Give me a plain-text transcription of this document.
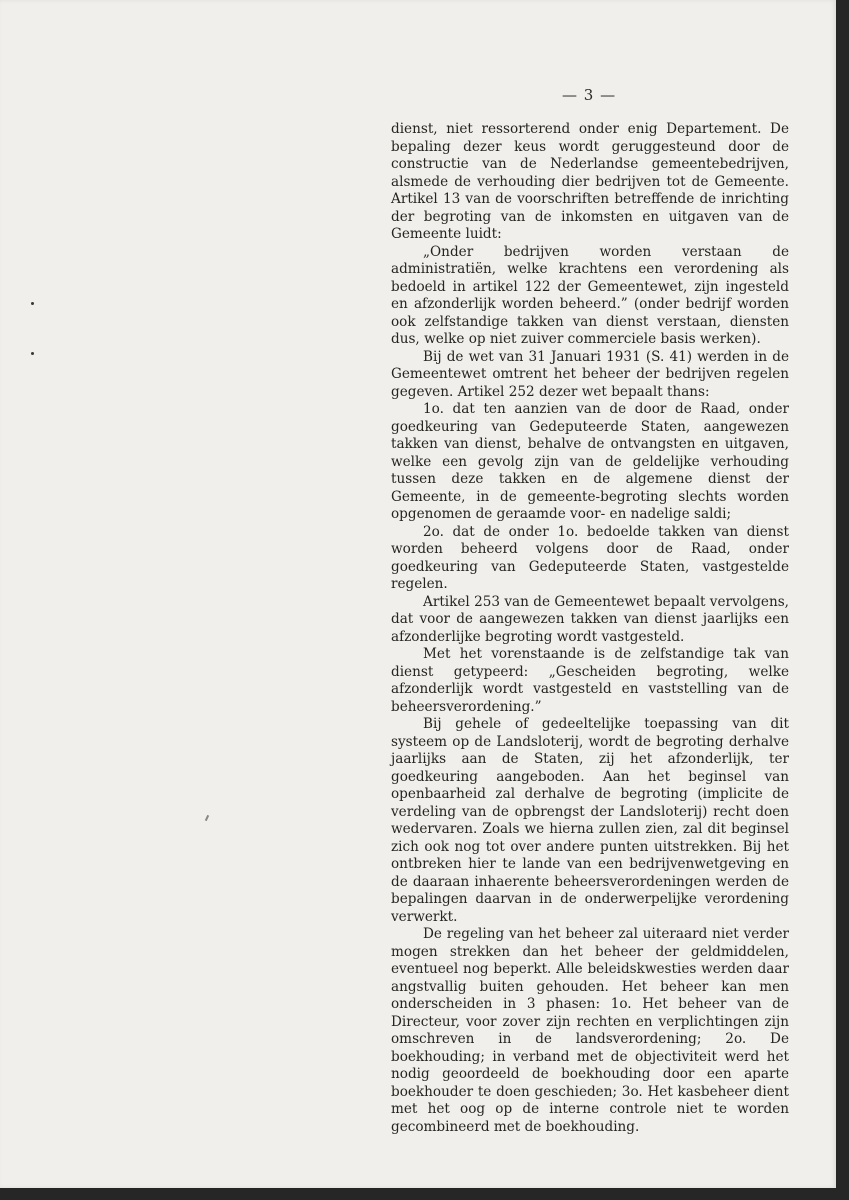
— 3 —

dienst, niet ressorterend onder enig Departement. De bepaling dezer keus wordt geruggesteund door de constructie van de Nederlandse gemeentebedrijven, alsmede de verhouding dier bedrijven tot de Gemeente. Artikel 13 van de voorschriften betreffende de inrichting der begroting van de inkomsten en uitgaven van de Gemeente luidt:

„Onder bedrijven worden verstaan de administratiën, welke krachtens een verordening als bedoeld in artikel 122 der Gemeentewet, zijn ingesteld en afzonderlijk worden beheerd.” (onder bedrijf worden ook zelfstandige takken van dienst verstaan, diensten dus, welke op niet zuiver commerciele basis werken).

Bij de wet van 31 Januari 1931 (S. 41) werden in de Gemeentewet omtrent het beheer der bedrijven regelen gegeven. Artikel 252 dezer wet bepaalt thans:

1o. dat ten aanzien van de door de Raad, onder goedkeuring van Gedeputeerde Staten, aangewezen takken van dienst, behalve de ontvangsten en uitgaven, welke een gevolg zijn van de geldelijke verhouding tussen deze takken en de algemene dienst der Gemeente, in de gemeente-begroting slechts worden opgenomen de geraamde voor- en nadelige saldi;

2o. dat de onder 1o. bedoelde takken van dienst worden beheerd volgens door de Raad, onder goedkeuring van Gedeputeerde Staten, vastgestelde regelen.

Artikel 253 van de Gemeentewet bepaalt vervolgens, dat voor de aangewezen takken van dienst jaarlijks een afzonderlijke begroting wordt vastgesteld.

Met het vorenstaande is de zelfstandige tak van dienst getypeerd: „Gescheiden begroting, welke afzonderlijk wordt vastgesteld en vaststelling van de beheersverordening.”

Bij gehele of gedeeltelijke toepassing van dit systeem op de Landsloterij, wordt de begroting derhalve jaarlijks aan de Staten, zij het afzonderlijk, ter goedkeuring aangeboden. Aan het beginsel van openbaarheid zal derhalve de begroting (implicite de verdeling van de opbrengst der Landsloterij) recht doen wedervaren. Zoals we hierna zullen zien, zal dit beginsel zich ook nog tot over andere punten uitstrekken. Bij het ontbreken hier te lande van een bedrijvenwetgeving en de daaraan inhaerente beheersverordeningen werden de bepalingen daarvan in de onderwerpelijke verordening verwerkt.

De regeling van het beheer zal uiteraard niet verder mogen strekken dan het beheer der geldmiddelen, eventueel nog beperkt. Alle beleidskwesties werden daar angstvallig buiten gehouden. Het beheer kan men onderscheiden in 3 phasen: 1o. Het beheer van de Directeur, voor zover zijn rechten en verplichtingen zijn omschreven in de landsverordening; 2o. De boekhouding; in verband met de objectiviteit werd het nodig geoordeeld de boekhouding door een aparte boekhouder te doen geschieden; 3o. Het kasbeheer dient met het oog op de interne controle niet te worden gecombineerd met de boekhouding.
